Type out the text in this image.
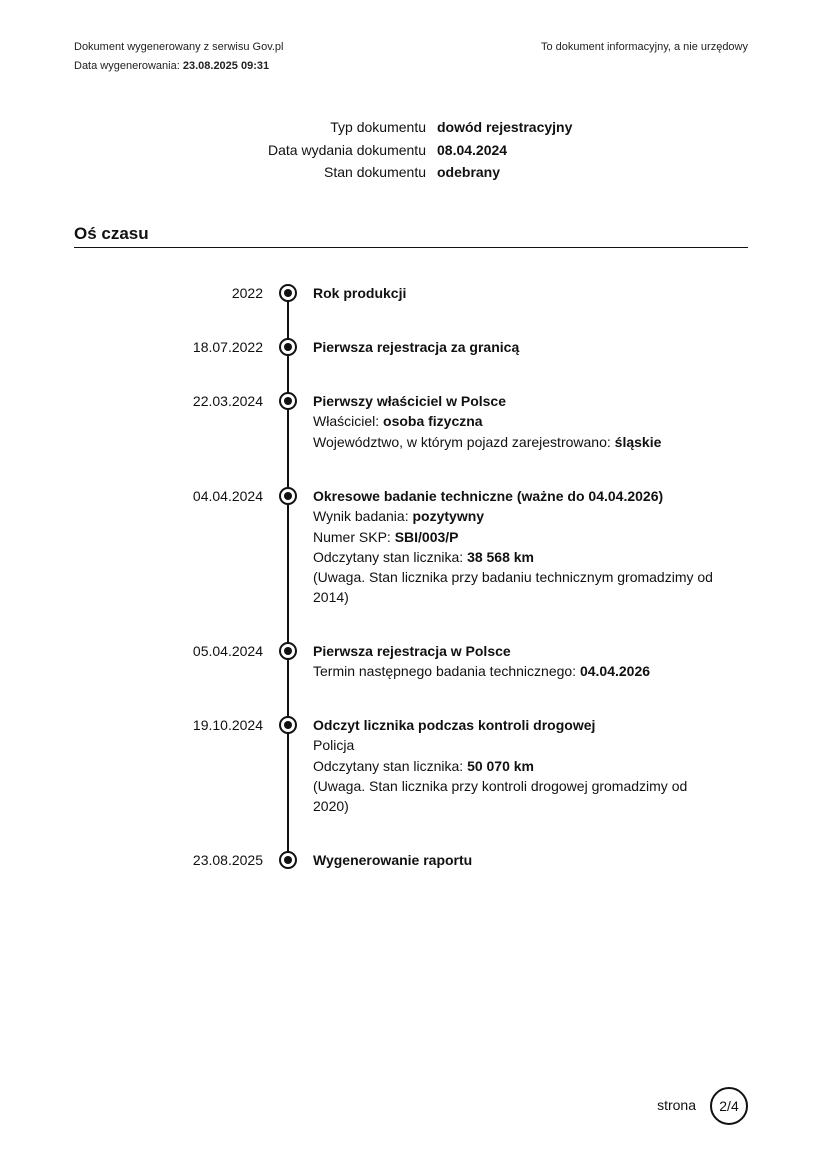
Dokument wygenerowany z serwisu Gov.pl
Data wygenerowania: 23.08.2025 09:31
To dokument informacyjny, a nie urzędowy
Typ dokumentu dowód rejestracyjny
Data wydania dokumentu 08.04.2024
Stan dokumentu odebrany
Oś czasu
2022	Rok produkcji
18.07.2022	Pierwsza rejestracja za granicą
22.03.2024	Pierwszy właściciel w Polsce
Właściciel: osoba fizyczna
Województwo, w którym pojazd zarejestrowano: śląskie
04.04.2024	Okresowe badanie techniczne (ważne do 04.04.2026)
Wynik badania: pozytywny
Numer SKP: SBI/003/P
Odczytany stan licznika: 38 568 km
(Uwaga. Stan licznika przy badaniu technicznym gromadzimy od 2014)
05.04.2024	Pierwsza rejestracja w Polsce
Termin następnego badania technicznego: 04.04.2026
19.10.2024	Odczyt licznika podczas kontroli drogowej
Policja
Odczytany stan licznika: 50 070 km
(Uwaga. Stan licznika przy kontroli drogowej gromadzimy od 2020)
23.08.2025	Wygenerowanie raportu
strona	2/4
